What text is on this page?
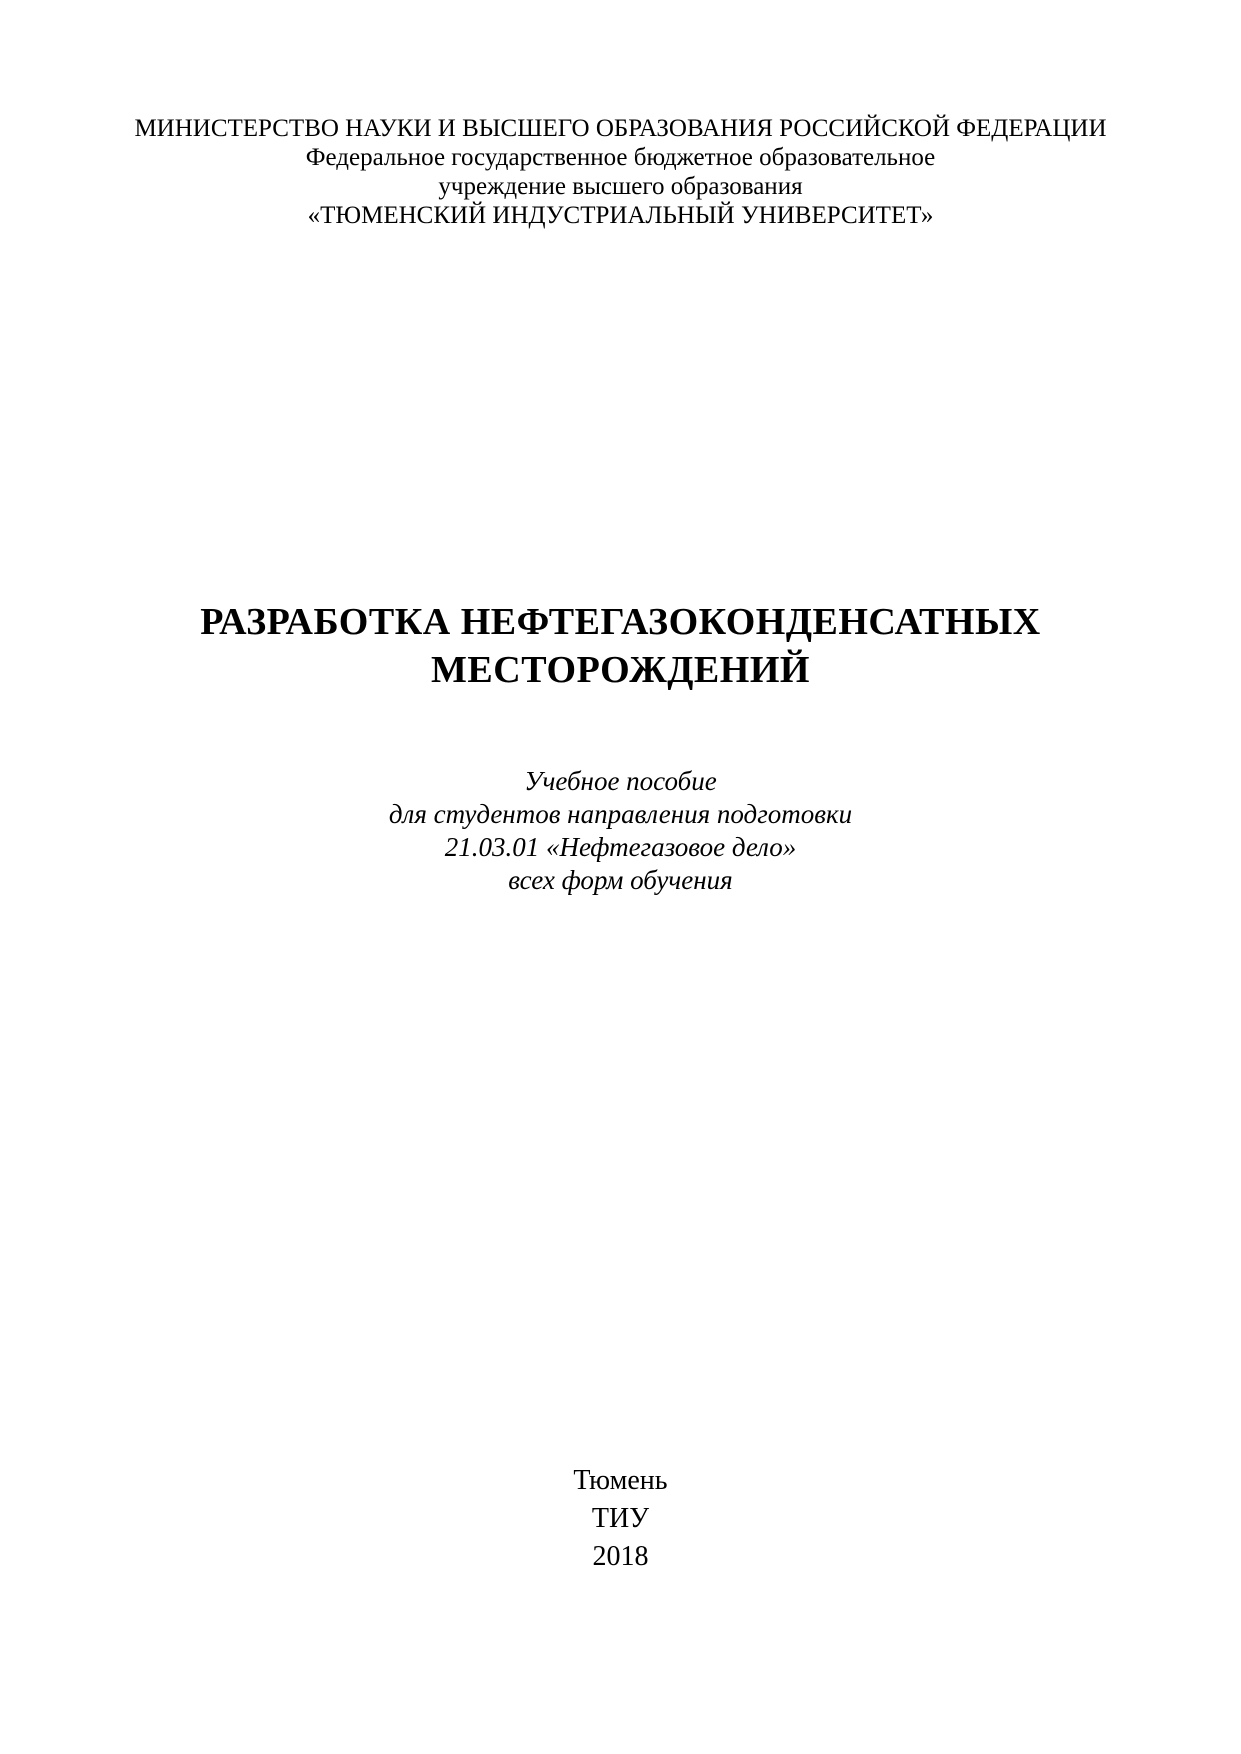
МИНИСТЕРСТВО НАУКИ И ВЫСШЕГО ОБРАЗОВАНИЯ РОССИЙСКОЙ ФЕДЕРАЦИИ
Федеральное государственное бюджетное образовательное
учреждение высшего образования
«ТЮМЕНСКИЙ ИНДУСТРИАЛЬНЫЙ УНИВЕРСИТЕТ»
РАЗРАБОТКА НЕФТЕГАЗОКОНДЕНСАТНЫХ
МЕСТОРОЖДЕНИЙ
Учебное пособие
для студентов направления подготовки
21.03.01 «Нефтегазовое дело»
всех форм обучения
Тюмень
ТИУ
2018
